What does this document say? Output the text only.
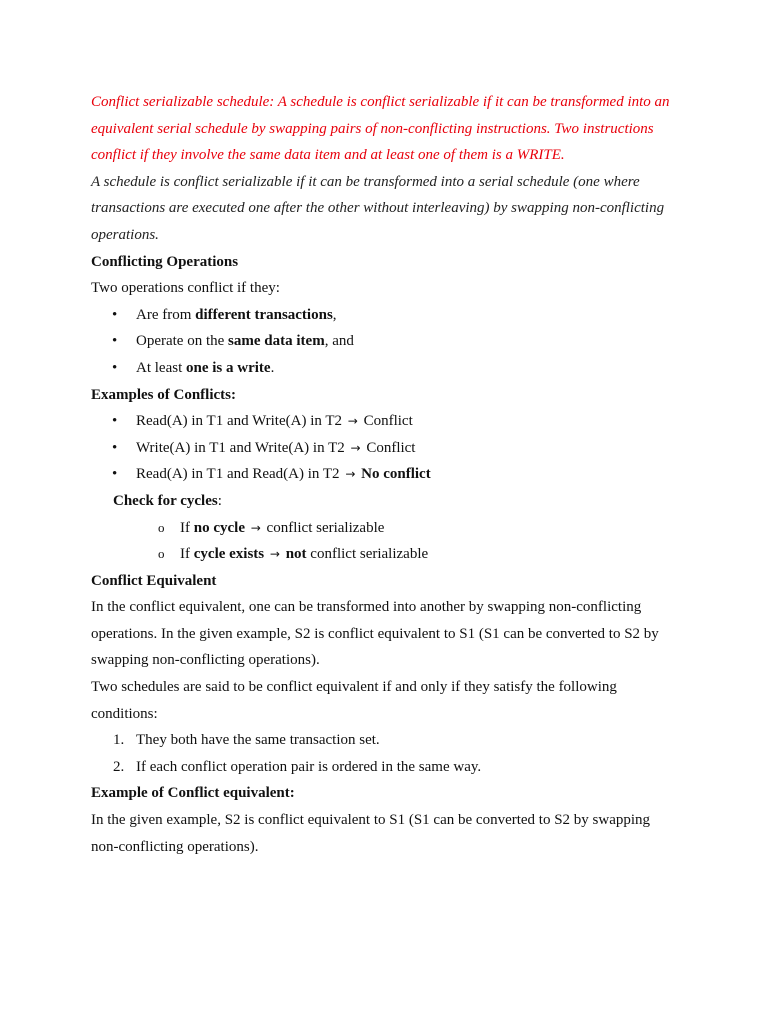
Conflict serializable schedule: A schedule is conflict serializable if it can be transformed into an equivalent serial schedule by swapping pairs of non-conflicting instructions. Two instructions conflict if they involve the same data item and at least one of them is a WRITE.

A schedule is conflict serializable if it can be transformed into a serial schedule (one where transactions are executed one after the other without interleaving) by swapping non-conflicting operations.

Conflicting Operations

Two operations conflict if they:

• Are from different transactions,
• Operate on the same data item, and
• At least one is a write.

Examples of Conflicts:

• Read(A) in T1 and Write(A) in T2 → Conflict
• Write(A) in T1 and Write(A) in T2 → Conflict
• Read(A) in T1 and Read(A) in T2 → No conflict

Check for cycles:

o If no cycle → conflict serializable
o If cycle exists → not conflict serializable

Conflict Equivalent

In the conflict equivalent, one can be transformed into another by swapping non-conflicting operations. In the given example, S2 is conflict equivalent to S1 (S1 can be converted to S2 by swapping non-conflicting operations).

Two schedules are said to be conflict equivalent if and only if they satisfy the following conditions:

1. They both have the same transaction set.
2. If each conflict operation pair is ordered in the same way.

Example of Conflict equivalent:

In the given example, S2 is conflict equivalent to S1 (S1 can be converted to S2 by swapping non-conflicting operations).
